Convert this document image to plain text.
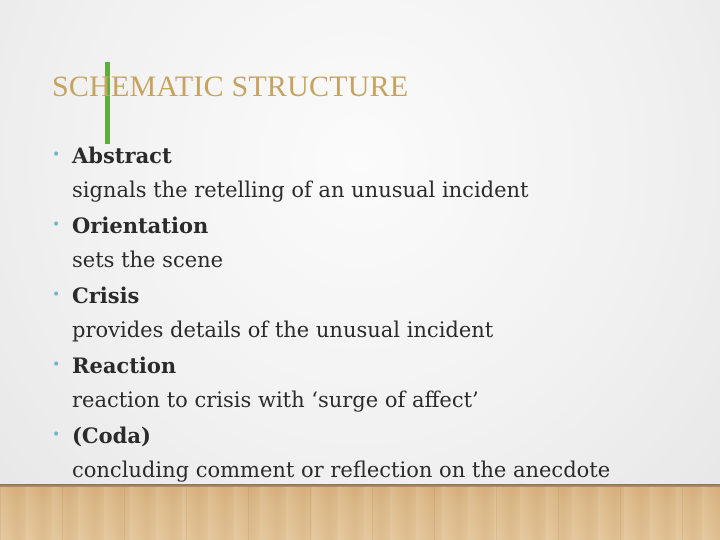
SCHEMATIC STRUCTURE
• Abstract
signals the retelling of an unusual incident
• Orientation
sets the scene
• Crisis
provides details of the unusual incident
• Reaction
reaction to crisis with ‘surge of affect’
• (Coda)
concluding comment or reflection on the anecdote
